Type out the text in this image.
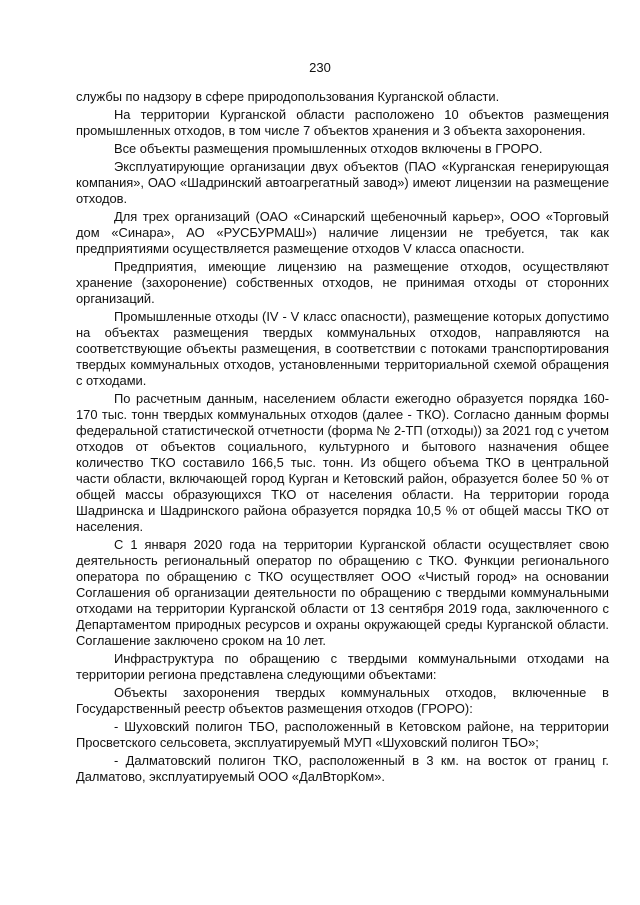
230

службы по надзору в сфере природопользования Курганской области.

На территории Курганской области расположено 10 объектов размещения промышленных отходов, в том числе 7 объектов хранения и 3 объекта захоронения.

Все объекты размещения промышленных отходов включены в ГРОРО.

Эксплуатирующие организации двух объектов (ПАО «Курганская генерирующая компания», ОАО «Шадринский автоагрегатный завод») имеют лицензии на размещение отходов.

Для трех организаций (ОАО «Синарский щебеночный карьер», ООО «Торговый дом «Синара», АО «РУСБУРМАШ») наличие лицензии не требуется, так как предприятиями осуществляется размещение отходов V класса опасности.

Предприятия, имеющие лицензию на размещение отходов, осуществляют хранение (захоронение) собственных отходов, не принимая отходы от сторонних организаций.

Промышленные отходы (IV - V класс опасности), размещение которых допустимо на объектах размещения твердых коммунальных отходов, направляются на соответствующие объекты размещения, в соответствии с потоками транспортирования твердых коммунальных отходов, установленными территориальной схемой обращения с отходами.

По расчетным данным, населением области ежегодно образуется порядка 160-170 тыс. тонн твердых коммунальных отходов (далее - ТКО). Согласно данным формы федеральной статистической отчетности (форма № 2-ТП (отходы)) за 2021 год с учетом отходов от объектов социального, культурного и бытового назначения общее количество ТКО составило 166,5 тыс. тонн. Из общего объема ТКО в центральной части области, включающей город Курган и Кетовский район, образуется более 50 % от общей массы образующихся ТКО от населения области. На территории города Шадринска и Шадринского района образуется порядка 10,5 % от общей массы ТКО от населения.

С 1 января 2020 года на территории Курганской области осуществляет свою деятельность региональный оператор по обращению с ТКО. Функции регионального оператора по обращению с ТКО осуществляет ООО «Чистый город» на основании Соглашения об организации деятельности по обращению с твердыми коммунальными отходами на территории Курганской области от 13 сентября 2019 года, заключенного с Департаментом природных ресурсов и охраны окружающей среды Курганской области. Соглашение заключено сроком на 10 лет.

Инфраструктура по обращению с твердыми коммунальными отходами на территории региона представлена следующими объектами:

Объекты захоронения твердых коммунальных отходов, включенные в Государственный реестр объектов размещения отходов (ГРОРО):

- Шуховский полигон ТБО, расположенный в Кетовском районе, на территории Просветского сельсовета, эксплуатируемый МУП «Шуховский полигон ТБО»;

- Далматовский полигон ТКО, расположенный в 3 км. на восток от границ г. Далматово, эксплуатируемый ООО «ДалВторКом».
